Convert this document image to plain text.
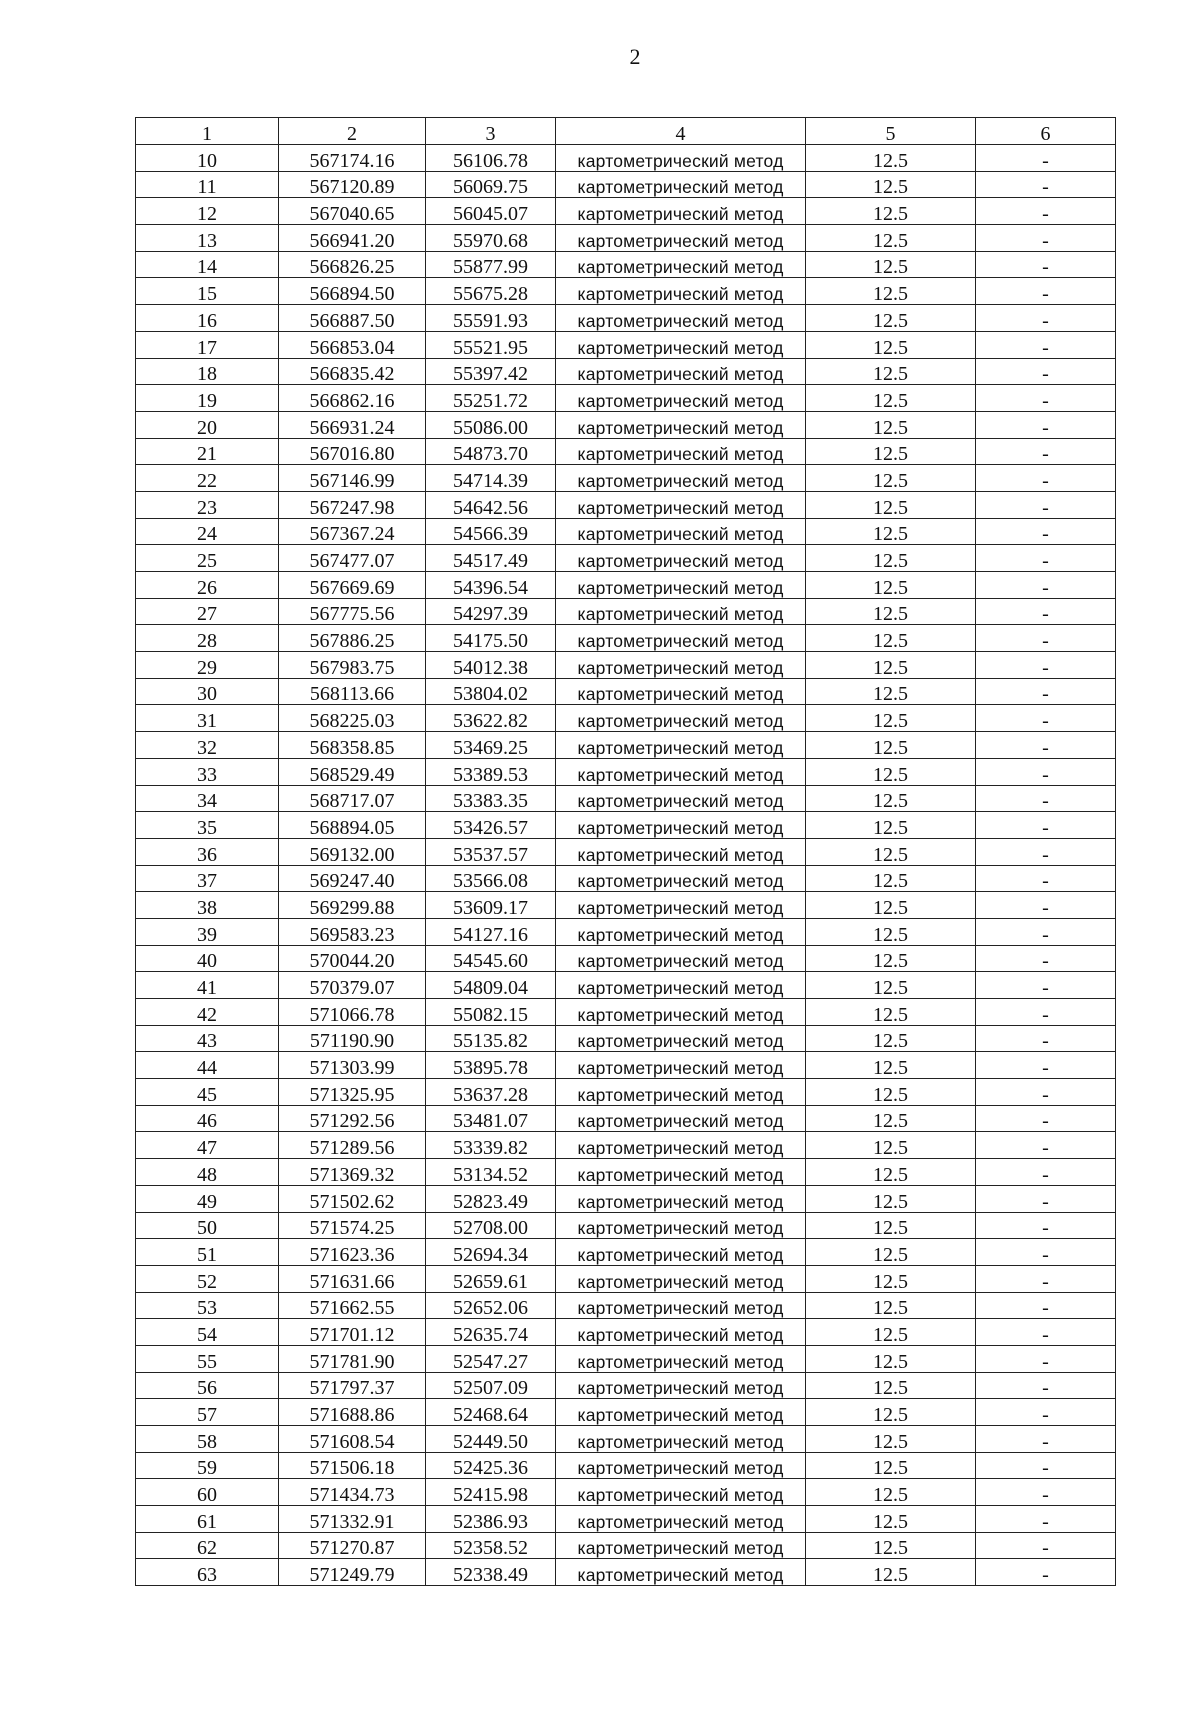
2
1	2	3	4	5	6
10	567174.16	56106.78	картометрический метод	12.5	-
11	567120.89	56069.75	картометрический метод	12.5	-
12	567040.65	56045.07	картометрический метод	12.5	-
13	566941.20	55970.68	картометрический метод	12.5	-
14	566826.25	55877.99	картометрический метод	12.5	-
15	566894.50	55675.28	картометрический метод	12.5	-
16	566887.50	55591.93	картометрический метод	12.5	-
17	566853.04	55521.95	картометрический метод	12.5	-
18	566835.42	55397.42	картометрический метод	12.5	-
19	566862.16	55251.72	картометрический метод	12.5	-
20	566931.24	55086.00	картометрический метод	12.5	-
21	567016.80	54873.70	картометрический метод	12.5	-
22	567146.99	54714.39	картометрический метод	12.5	-
23	567247.98	54642.56	картометрический метод	12.5	-
24	567367.24	54566.39	картометрический метод	12.5	-
25	567477.07	54517.49	картометрический метод	12.5	-
26	567669.69	54396.54	картометрический метод	12.5	-
27	567775.56	54297.39	картометрический метод	12.5	-
28	567886.25	54175.50	картометрический метод	12.5	-
29	567983.75	54012.38	картометрический метод	12.5	-
30	568113.66	53804.02	картометрический метод	12.5	-
31	568225.03	53622.82	картометрический метод	12.5	-
32	568358.85	53469.25	картометрический метод	12.5	-
33	568529.49	53389.53	картометрический метод	12.5	-
34	568717.07	53383.35	картометрический метод	12.5	-
35	568894.05	53426.57	картометрический метод	12.5	-
36	569132.00	53537.57	картометрический метод	12.5	-
37	569247.40	53566.08	картометрический метод	12.5	-
38	569299.88	53609.17	картометрический метод	12.5	-
39	569583.23	54127.16	картометрический метод	12.5	-
40	570044.20	54545.60	картометрический метод	12.5	-
41	570379.07	54809.04	картометрический метод	12.5	-
42	571066.78	55082.15	картометрический метод	12.5	-
43	571190.90	55135.82	картометрический метод	12.5	-
44	571303.99	53895.78	картометрический метод	12.5	-
45	571325.95	53637.28	картометрический метод	12.5	-
46	571292.56	53481.07	картометрический метод	12.5	-
47	571289.56	53339.82	картометрический метод	12.5	-
48	571369.32	53134.52	картометрический метод	12.5	-
49	571502.62	52823.49	картометрический метод	12.5	-
50	571574.25	52708.00	картометрический метод	12.5	-
51	571623.36	52694.34	картометрический метод	12.5	-
52	571631.66	52659.61	картометрический метод	12.5	-
53	571662.55	52652.06	картометрический метод	12.5	-
54	571701.12	52635.74	картометрический метод	12.5	-
55	571781.90	52547.27	картометрический метод	12.5	-
56	571797.37	52507.09	картометрический метод	12.5	-
57	571688.86	52468.64	картометрический метод	12.5	-
58	571608.54	52449.50	картометрический метод	12.5	-
59	571506.18	52425.36	картометрический метод	12.5	-
60	571434.73	52415.98	картометрический метод	12.5	-
61	571332.91	52386.93	картометрический метод	12.5	-
62	571270.87	52358.52	картометрический метод	12.5	-
63	571249.79	52338.49	картометрический метод	12.5	-
